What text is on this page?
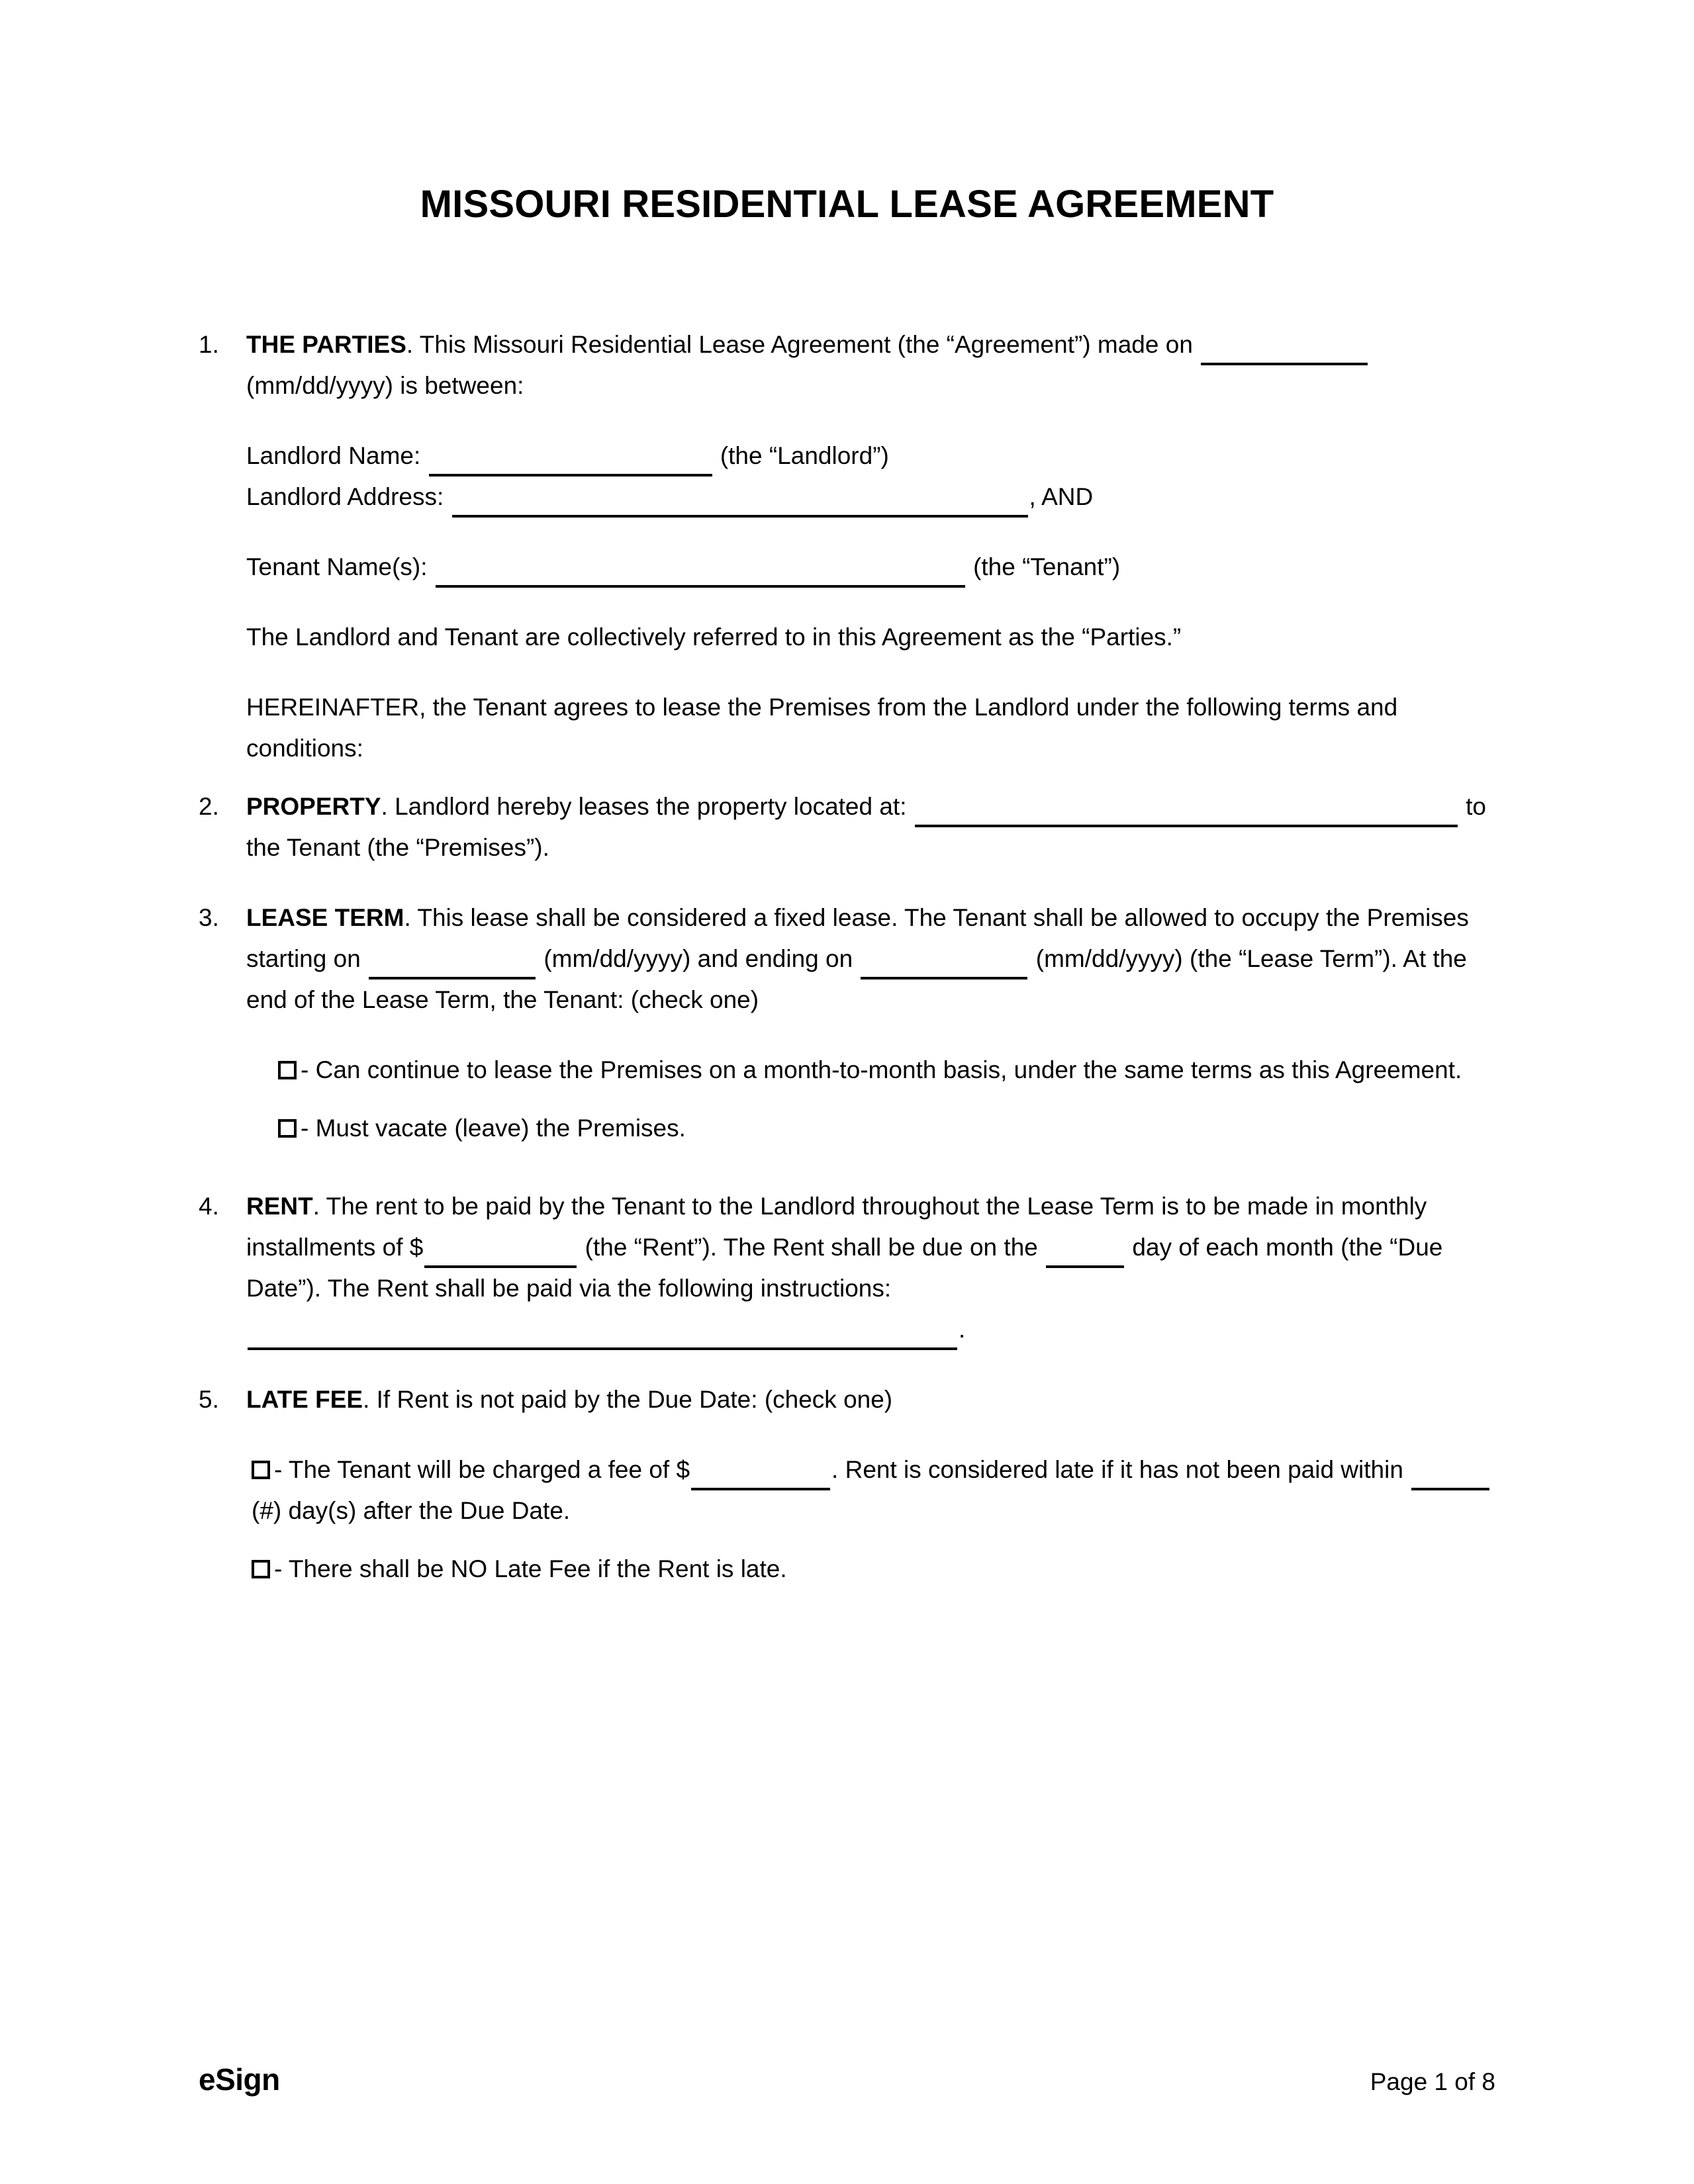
MISSOURI RESIDENTIAL LEASE AGREEMENT
1.	THE PARTIES. This Missouri Residential Lease Agreement (the “Agreement”) made on  (mm/dd/yyyy) is between:
Landlord Name:	(the “Landlord”)
Landlord Address:	, AND
Tenant Name(s):	(the “Tenant”)
The Landlord and Tenant are collectively referred to in this Agreement as the “Parties.”
HEREINAFTER, the Tenant agrees to lease the Premises from the Landlord under the following terms and conditions:
2.	PROPERTY. Landlord hereby leases the property located at:	to the Tenant (the “Premises”).
3.	LEASE TERM. This lease shall be considered a fixed lease. The Tenant shall be allowed to occupy the Premises starting on	(mm/dd/yyyy) and ending on	(mm/dd/yyyy) (the “Lease Term”). At the end of the Lease Term, the Tenant: (check one)
- Can continue to lease the Premises on a month-to-month basis, under the same terms as this Agreement.
- Must vacate (leave) the Premises.
4.	RENT. The rent to be paid by the Tenant to the Landlord throughout the Lease Term is to be made in monthly installments of $	(the “Rent”). The Rent shall be due on the	day of each month (the “Due Date”). The Rent shall be paid via the following instructions: .
5.	LATE FEE. If Rent is not paid by the Due Date: (check one)
- The Tenant will be charged a fee of $	. Rent is considered late if it has not been paid within  (#) day(s) after the Due Date.
- There shall be NO Late Fee if the Rent is late.
eSign	Page 1 of 8
